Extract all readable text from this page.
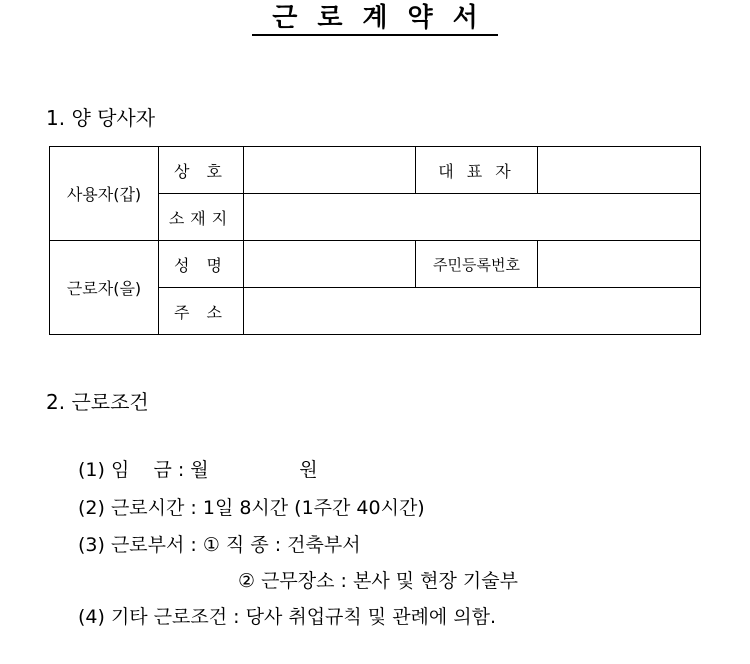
근로계약서
1. 양 당사자
사용자(갑)	상 호		대 표 자	
	소재지			
근로자(을)	성 명		주민등록번호	
	주 소			
2. 근로조건
(1) 임    금 : 월               원
(2) 근로시간 : 1일 8시간 (1주간 40시간)
(3) 근로부서 : ① 직 종 : 건축부서
② 근무장소 : 본사 및 현장 기술부
(4) 기타 근로조건 : 당사 취업규칙 및 관례에 의함.
